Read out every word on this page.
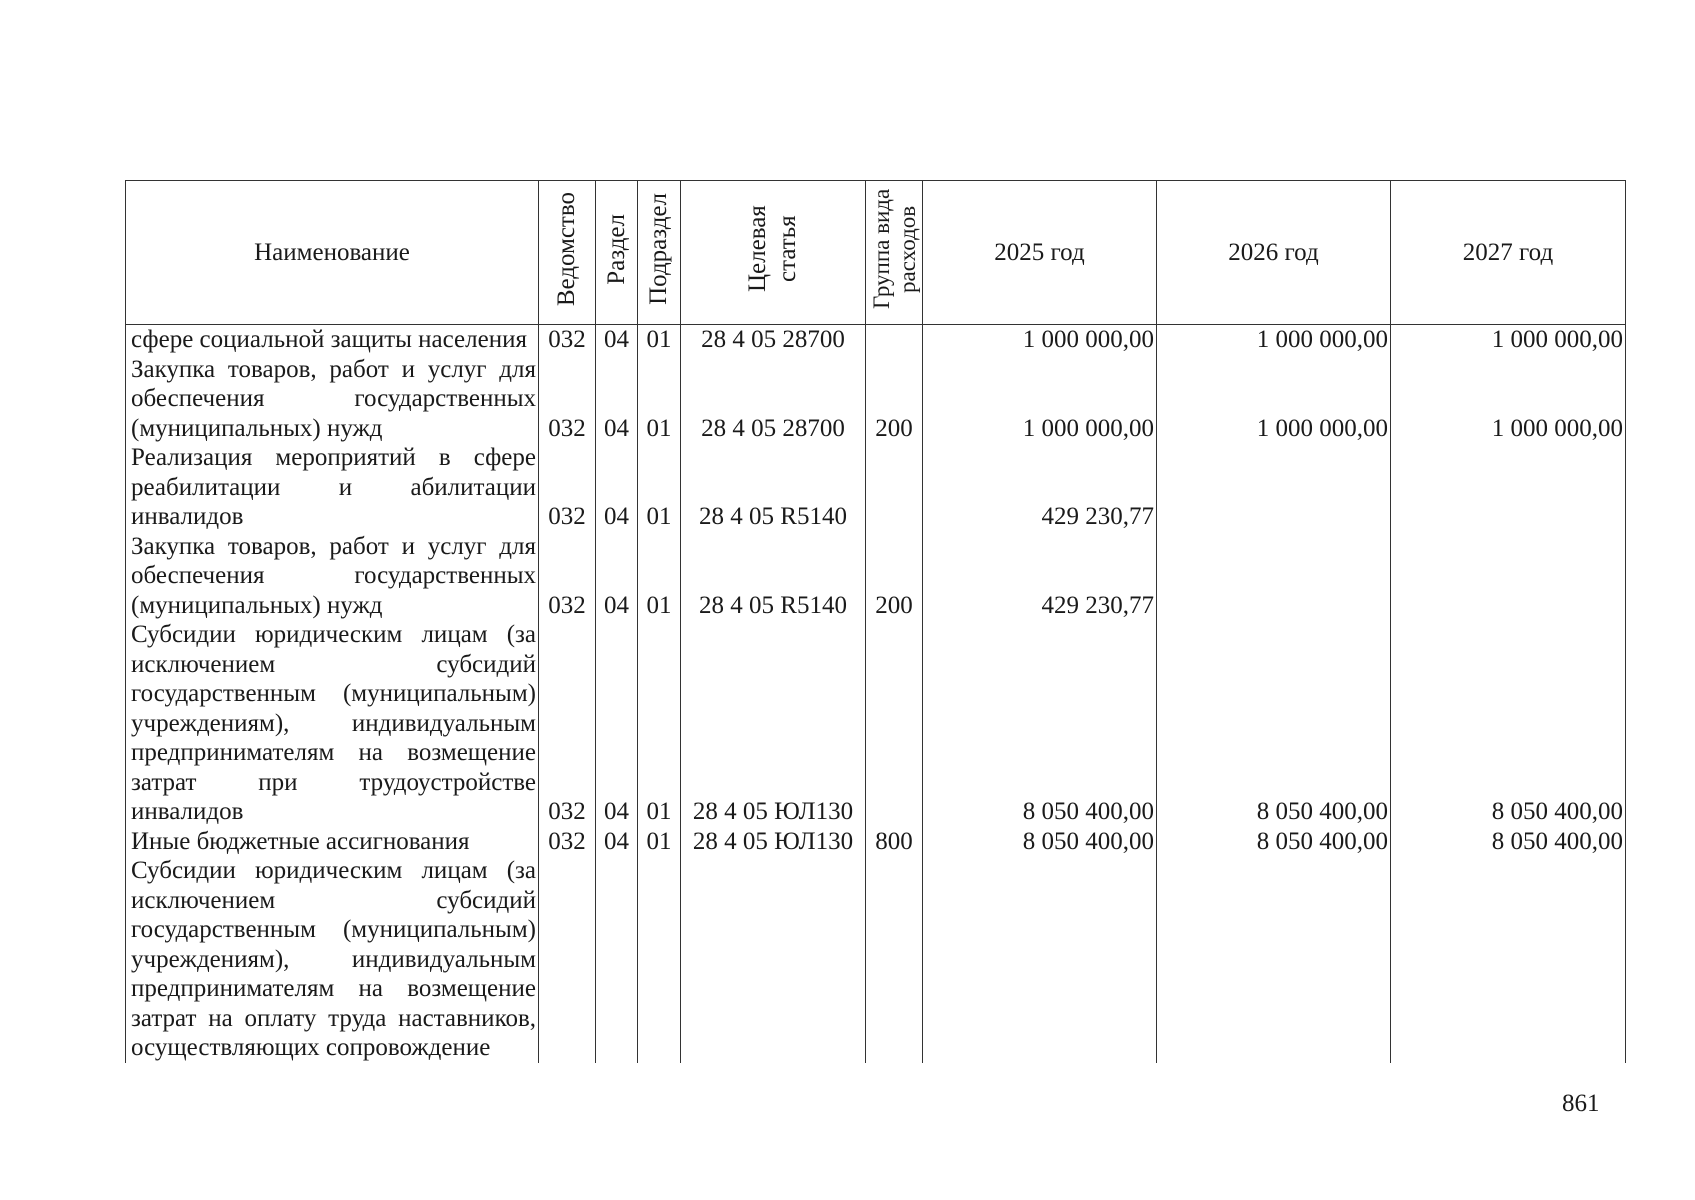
Наименование	Ведомство	Раздел	Подраздел	Целевая статья	Группа вида расходов	2025 год	2026 год	2027 год
сфере социальной защиты населения	032	04	01	28 4 05 28700		1 000 000,00	1 000 000,00	1 000 000,00
Закупка товаров, работ и услуг для обеспечения государственных (муниципальных) нужд	032	04	01	28 4 05 28700	200	1 000 000,00	1 000 000,00	1 000 000,00
Реализация мероприятий в сфере реабилитации и абилитации инвалидов	032	04	01	28 4 05 R5140		429 230,77		
Закупка товаров, работ и услуг для обеспечения государственных (муниципальных) нужд	032	04	01	28 4 05 R5140	200	429 230,77		
Субсидии юридическим лицам (за исключением субсидий государственным (муниципальным) учреждениям), индивидуальным предпринимателям на возмещение затрат при трудоустройстве инвалидов	032	04	01	28 4 05 ЮЛ130		8 050 400,00	8 050 400,00	8 050 400,00
Иные бюджетные ассигнования	032	04	01	28 4 05 ЮЛ130	800	8 050 400,00	8 050 400,00	8 050 400,00
Субсидии юридическим лицам (за исключением субсидий государственным (муниципальным) учреждениям), индивидуальным предпринимателям на возмещение затрат на оплату труда наставников, осуществляющих сопровождение								
861
